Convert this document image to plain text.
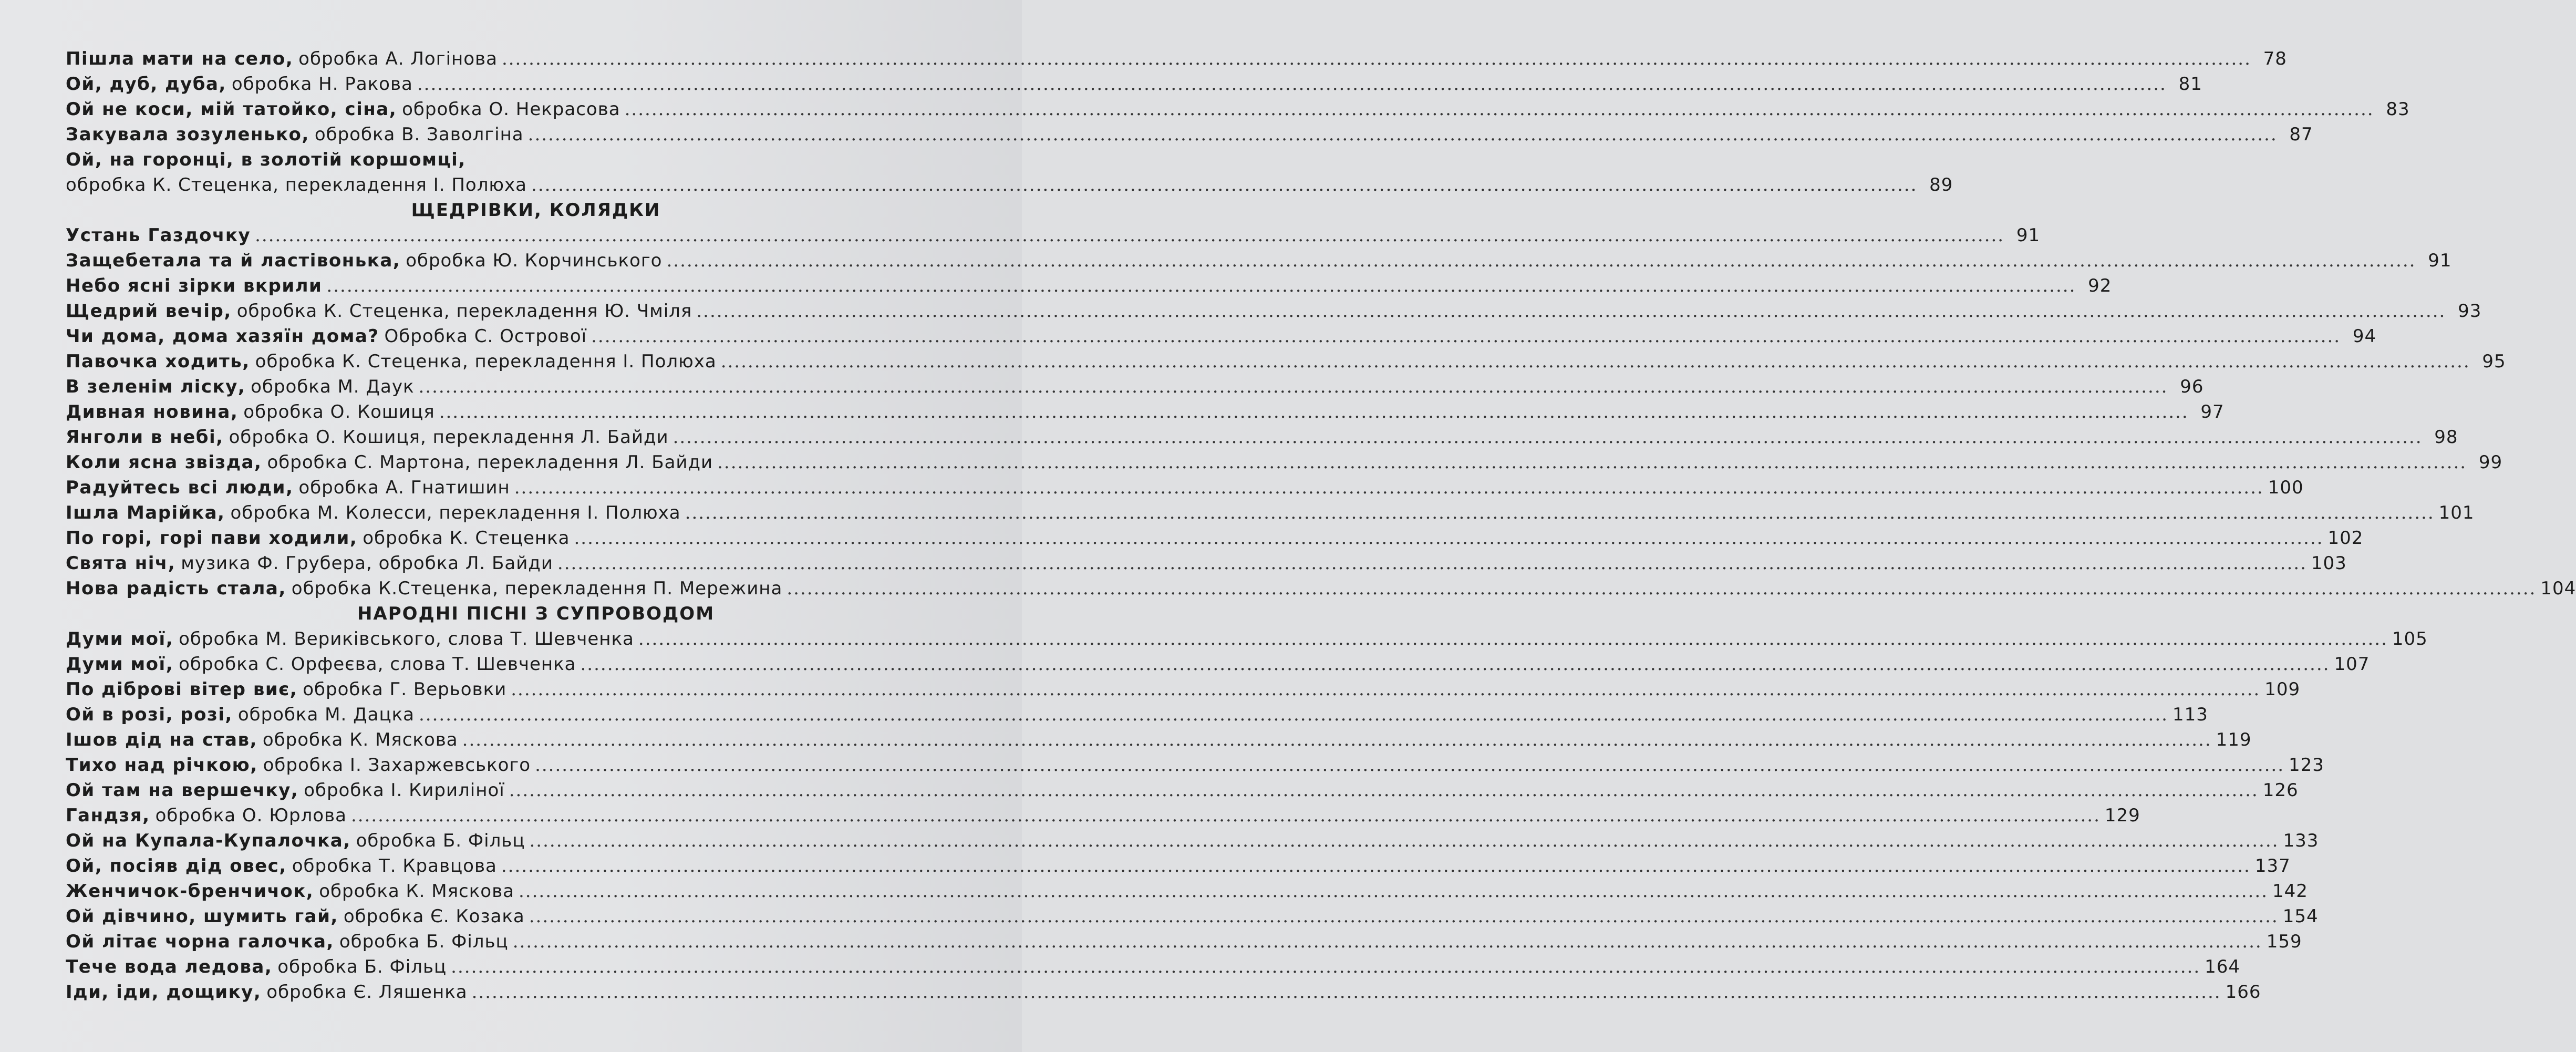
Пішла мати на село, обробка А. Логінова .................................................................................................................................................................................................................................................................... 78
Ой, дуб, дуба, обробка Н. Ракова .................................................................................................................................................................................................................................................................... 81
Ой не коси, мій татойко, сіна, обробка О. Некрасова .................................................................................................................................................................................................................................................................... 83
Закувала зозуленько, обробка В. Заволгіна .................................................................................................................................................................................................................................................................... 87
Ой, на горонці, в золотій коршомці,
обробка К. Стеценка, перекладення І. Полюха .............................................................................................................................................................................................................. 89
ЩЕДРІВКИ, КОЛЯДКИ
Устань Газдочку .................................................................................................................................................................................................................................................................... 91
Защебетала та й ластівонька, обробка Ю. Корчинського .................................................................................................................................................................................................................................................................... 91
Небо ясні зірки вкрили .................................................................................................................................................................................................................................................................... 92
Щедрий вечір, обробка К. Стеценка, перекладення Ю. Чміля .................................................................................................................................................................................................................................................................... 93
Чи дома, дома хазяїн дома? Обробка С. Острової .................................................................................................................................................................................................................................................................... 94
Павочка ходить, обробка К. Стеценка, перекладення І. Полюха .................................................................................................................................................................................................................................................................... 95
В зеленім ліску, обробка М. Даук .................................................................................................................................................................................................................................................................... 96
Дивная новина, обробка О. Кошиця .................................................................................................................................................................................................................................................................... 97
Янголи в небі, обробка О. Кошиця, перекладення Л. Байди .................................................................................................................................................................................................................................................................... 98
Коли ясна звізда, обробка С. Мартона, перекладення Л. Байди .................................................................................................................................................................................................................................................................... 99
Радуйтесь всі люди, обробка А. Гнатишин .................................................................................................................................................................................................................................................................... 100
Ішла Марійка, обробка М. Колесси, перекладення І. Полюха .................................................................................................................................................................................................................................................................... 101
По горі, горі пави ходили, обробка К. Стеценка .................................................................................................................................................................................................................................................................... 102
Свята ніч, музика Ф. Грубера, обробка Л. Байди .................................................................................................................................................................................................................................................................... 103
Нова радість стала, обробка К.Стеценка, перекладення П. Мережина .................................................................................................................................................................................................................................................................... 104
НАРОДНІ ПІСНІ З СУПРОВОДОМ
Думи мої, обробка М. Вериківського, слова Т. Шевченка .................................................................................................................................................................................................................................................................... 105
Думи мої, обробка С. Орфеєва, слова Т. Шевченка .................................................................................................................................................................................................................................................................... 107
По діброві вітер виє, обробка Г. Верьовки .................................................................................................................................................................................................................................................................... 109
Ой в розі, розі, обробка М. Дацка .................................................................................................................................................................................................................................................................... 113
Ішов дід на став, обробка К. Мяскова .................................................................................................................................................................................................................................................................... 119
Тихо над річкою, обробка І. Захаржевського .................................................................................................................................................................................................................................................................... 123
Ой там на вершечку, обробка І. Кириліної .................................................................................................................................................................................................................................................................... 126
Гандзя, обробка О. Юрлова .................................................................................................................................................................................................................................................................... 129
Ой на Купала-Купалочка, обробка Б. Фільц .................................................................................................................................................................................................................................................................... 133
Ой, посіяв дід овес, обробка Т. Кравцова .................................................................................................................................................................................................................................................................... 137
Женчичок-бренчичок, обробка К. Мяскова .................................................................................................................................................................................................................................................................... 142
Ой дівчино, шумить гай, обробка Є. Козака .................................................................................................................................................................................................................................................................... 154
Ой літає чорна галочка, обробка Б. Фільц .................................................................................................................................................................................................................................................................... 159
Тече вода ледова, обробка Б. Фільц .................................................................................................................................................................................................................................................................... 164
Іди, іди, дощику, обробка Є. Ляшенка .................................................................................................................................................................................................................................................................... 166
